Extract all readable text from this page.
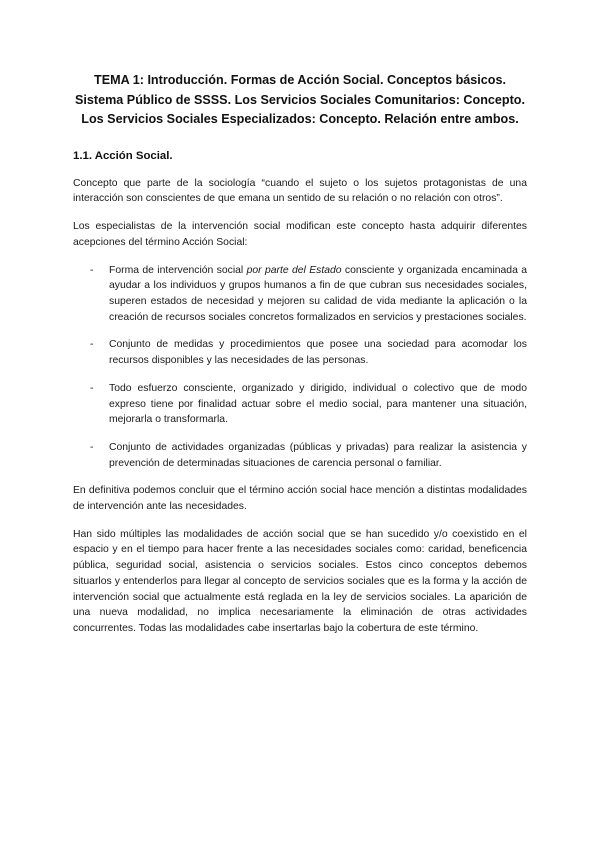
TEMA 1: Introducción. Formas de Acción Social. Conceptos básicos. Sistema Público de SSSS. Los Servicios Sociales Comunitarios: Concepto. Los Servicios Sociales Especializados: Concepto. Relación entre ambos.
1.1. Acción Social.

Concepto que parte de la sociología “cuando el sujeto o los sujetos protagonistas de una interacción son conscientes de que emana un sentido de su relación o no relación con otros”.

Los especialistas de la intervención social modifican este concepto hasta adquirir diferentes acepciones del término Acción Social:

- Forma de intervención social por parte del Estado consciente y organizada encaminada a ayudar a los individuos y grupos humanos a fin de que cubran sus necesidades sociales, superen estados de necesidad y mejoren su calidad de vida mediante la aplicación o la creación de recursos sociales concretos formalizados en servicios y prestaciones sociales.
- Conjunto de medidas y procedimientos que posee una sociedad para acomodar los recursos disponibles y las necesidades de las personas.
- Todo esfuerzo consciente, organizado y dirigido, individual o colectivo que de modo expreso tiene por finalidad actuar sobre el medio social, para mantener una situación, mejorarla o transformarla.
- Conjunto de actividades organizadas (públicas y privadas) para realizar la asistencia y prevención de determinadas situaciones de carencia personal o familiar.

En definitiva podemos concluir que el término acción social hace mención a distintas modalidades de intervención ante las necesidades.

Han sido múltiples las modalidades de acción social que se han sucedido y/o coexistido en el espacio y en el tiempo para hacer frente a las necesidades sociales como: caridad, beneficencia pública, seguridad social, asistencia o servicios sociales. Estos cinco conceptos debemos situarlos y entenderlos para llegar al concepto de servicios sociales que es la forma y la acción de intervención social que actualmente está reglada en la ley de servicios sociales. La aparición de una nueva modalidad, no implica necesariamente la eliminación de otras actividades concurrentes. Todas las modalidades cabe insertarlas bajo la cobertura de este término.
